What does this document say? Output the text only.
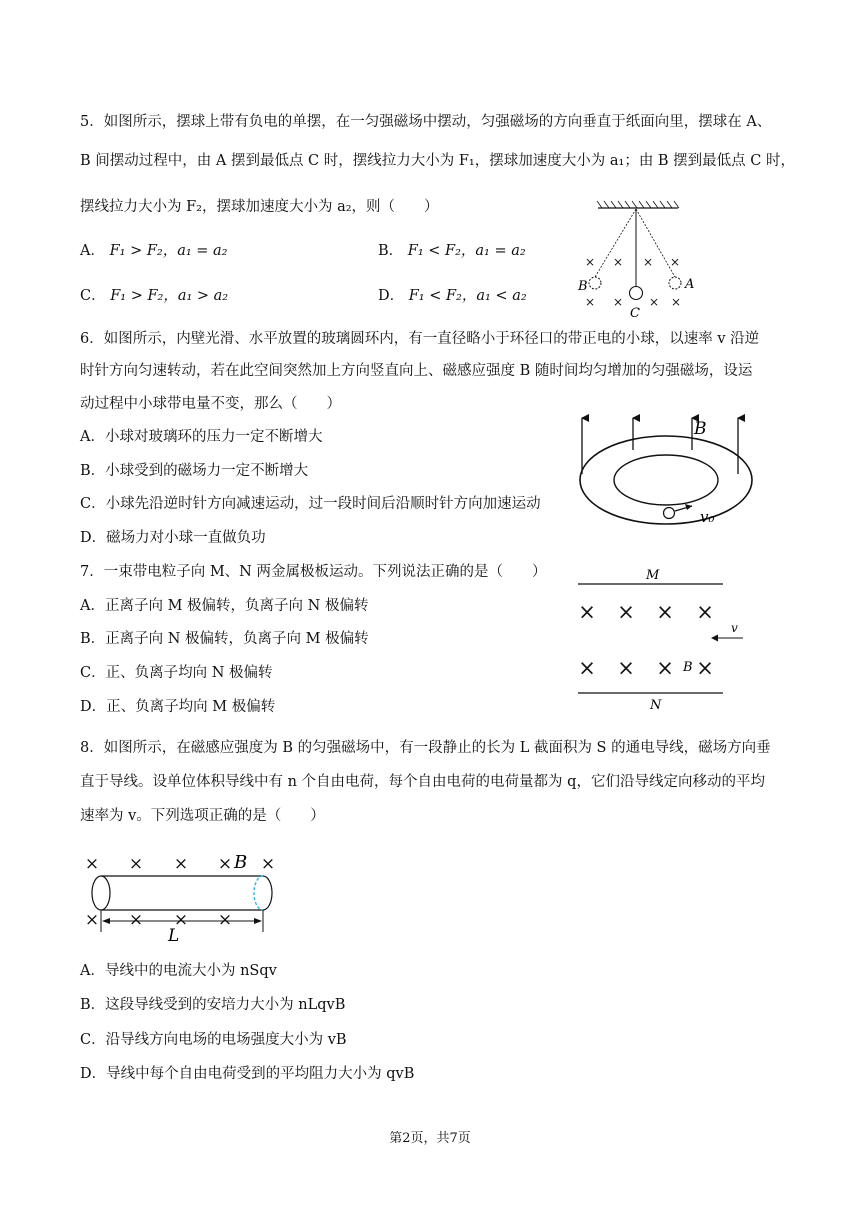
5．如图所示，摆球上带有负电的单摆，在一匀强磁场中摆动，匀强磁场的方向垂直于纸面向里，摆球在 A、
B 间摆动过程中，由 A 摆到最低点 C 时，摆线拉力大小为 F₁，摆球加速度大小为 a₁；由 B 摆到最低点 C 时，
摆线拉力大小为 F₂，摆球加速度大小为 a₂，则（　　）
A． F₁ > F₂，a₁ = a₂	B． F₁ < F₂，a₁ = a₂
C． F₁ > F₂，a₁ > a₂	D． F₁ < F₂，a₁ < a₂
× × × ×
× × × ×
B	A
C
6．如图所示，内壁光滑、水平放置的玻璃圆环内，有一直径略小于环径口的带正电的小球，以速率 v 沿逆
时针方向匀速转动，若在此空间突然加上方向竖直向上、磁感应强度 B 随时间均匀增加的匀强磁场，设运
动过程中小球带电量不变，那么（　　）
A．小球对玻璃环的压力一定不断增大
B．小球受到的磁场力一定不断增大
C．小球先沿逆时针方向减速运动，过一段时间后沿顺时针方向加速运动
D．磁场力对小球一直做负功
B
v₀
7．一束带电粒子向 M、N 两金属极板运动。下列说法正确的是（　　）
A．正离子向 M 极偏转，负离子向 N 极偏转
B．正离子向 N 极偏转，负离子向 M 极偏转
C．正、负离子均向 N 极偏转
D．正、负离子均向 M 极偏转
M
× × × ×
× × × ×
B
v
N
8．如图所示，在磁感应强度为 B 的匀强磁场中，有一段静止的长为 L 截面积为 S 的通电导线，磁场方向垂
直于导线。设单位体积导线中有 n 个自由电荷，每个自由电荷的电荷量都为 q，它们沿导线定向移动的平均
速率为 v。下列选项正确的是（　　）
× × × × ×
× × × ×
B
L
A．导线中的电流大小为 nSqv
B．这段导线受到的安培力大小为 nLqvB
C．沿导线方向电场的电场强度大小为 vB
D．导线中每个自由电荷受到的平均阻力大小为 qvB
第2页，共7页
